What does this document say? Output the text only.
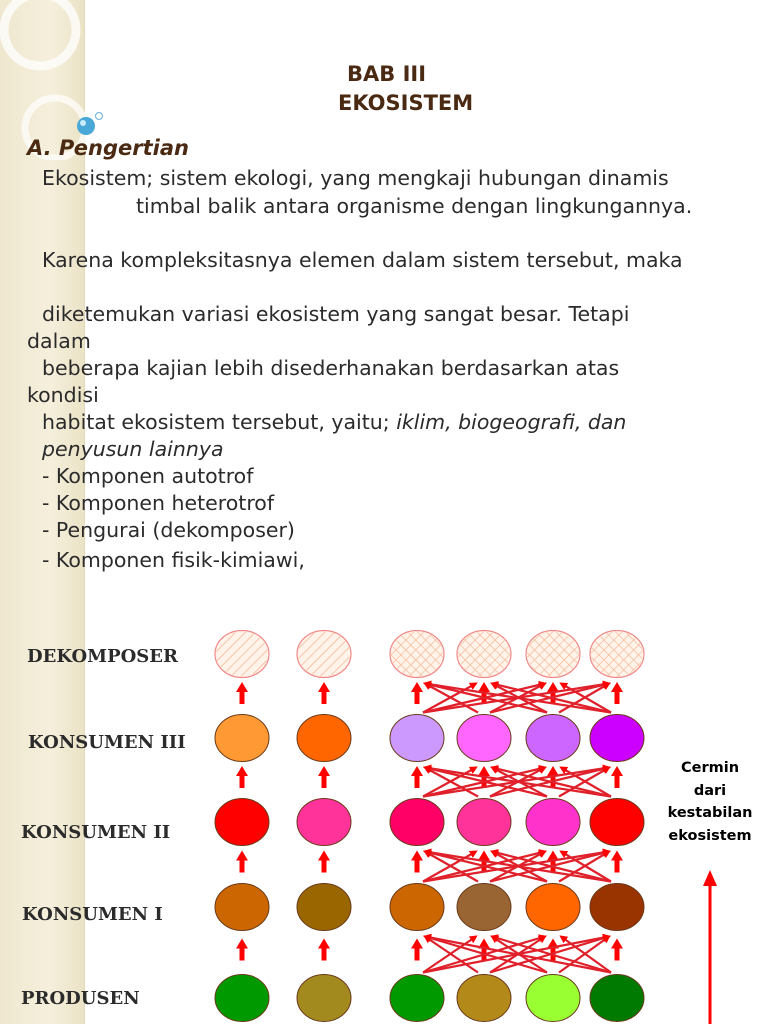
BAB III
EKOSISTEM
A. Pengertian
Ekosistem; sistem ekologi, yang mengkaji hubungan dinamis
timbal balik antara organisme dengan lingkungannya.
Karena kompleksitasnya elemen dalam sistem tersebut, maka
diketemukan variasi ekosistem yang sangat besar. Tetapi
dalam
beberapa kajian lebih disederhanakan berdasarkan atas
kondisi
habitat ekosistem tersebut, yaitu; iklim, biogeografi, dan
penyusun lainnya
- Komponen autotrof
- Komponen heterotrof
- Pengurai (dekomposer)
- Komponen fisik-kimiawi,
DEKOMPOSER
KONSUMEN III
KONSUMEN II
KONSUMEN I
PRODUSEN
Cermin
dari
kestabilan
ekosistem
